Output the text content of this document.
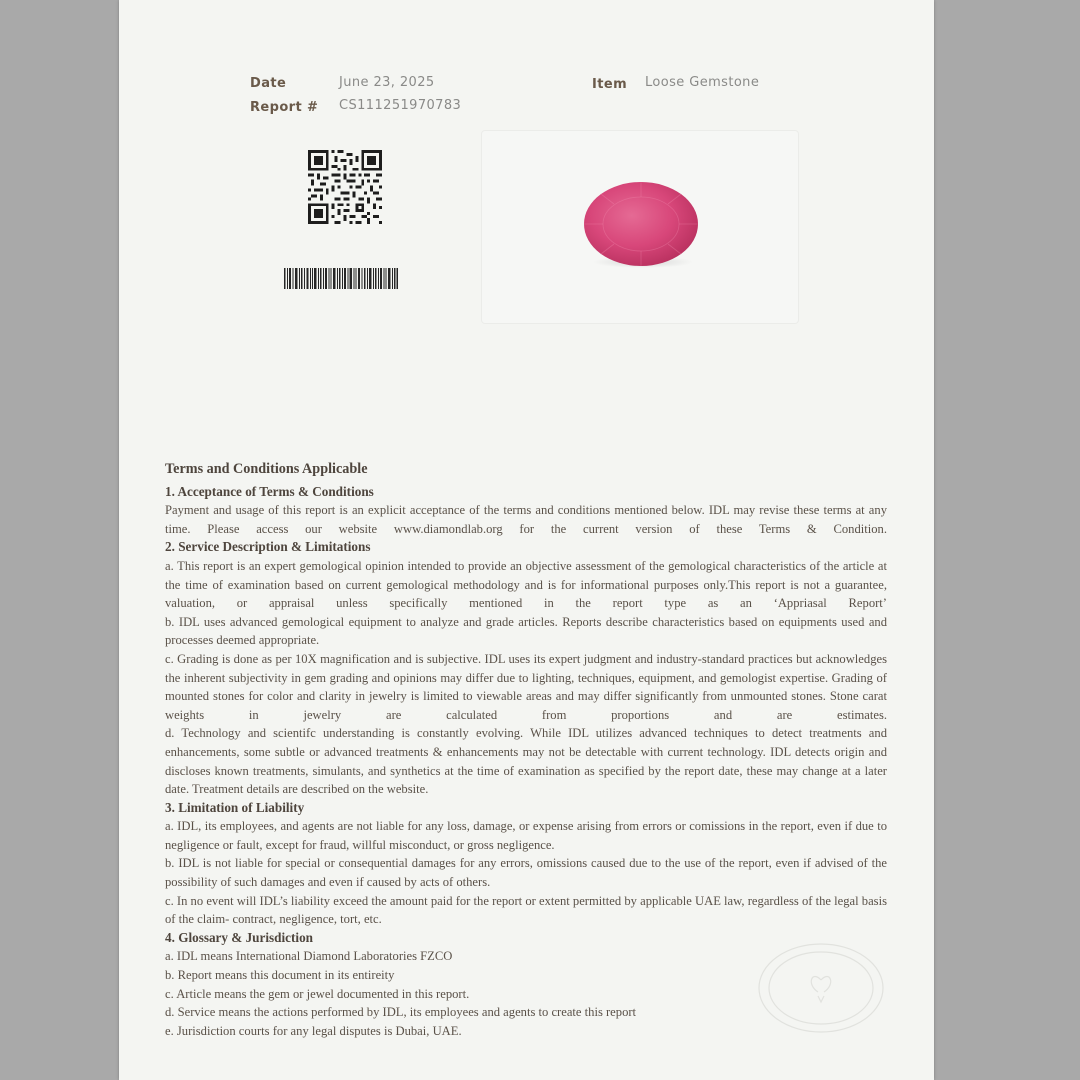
Date	June 23, 2025
Report # CS111251970783
Item Loose Gemstone
Terms and Conditions Applicable
1. Acceptance of Terms & Conditions

Payment and usage of this report is an explicit acceptance of the terms and conditions mentioned below. IDL may revise these terms at any time. Please access our website www.diamondlab.org for the current version of these Terms & Condition.

2. Service Description & Limitations

a. This report is an expert gemological opinion intended to provide an objective assessment of the gemological characteristics of the article at the time of examination based on current gemological methodology and is for informational purposes only.This report is not a guarantee, valuation, or appraisal unless specifically mentioned in the report type as an ‘Appriasal Report’

b. IDL uses advanced gemological equipment to analyze and grade articles. Reports describe characteristics based on equipments used and processes deemed appropriate.

c. Grading is done as per 10X magnification and is subjective. IDL uses its expert judgment and industry-standard practices but acknowledges the inherent subjectivity in gem grading and opinions may differ due to lighting, techniques, equipment, and gemologist expertise. Grading of mounted stones for color and clarity in jewelry is limited to viewable areas and may differ significantly from unmounted stones. Stone carat weights in jewelry are calculated from proportions and are estimates.

d. Technology and scientifc understanding is constantly evolving. While IDL utilizes advanced techniques to detect treatments and enhancements, some subtle or advanced treatments & enhancements may not be detectable with current technology. IDL detects origin and discloses known treatments, simulants, and synthetics at the time of examination as specified by the report date, these may change at a later date. Treatment details are described on the website.

3. Limitation of Liability

a. IDL, its employees, and agents are not liable for any loss, damage, or expense arising from errors or comissions in the report, even if due to negligence or fault, except for fraud, willful misconduct, or gross negligence.

b. IDL is not liable for special or consequential damages for any errors, omissions caused due to the use of the report, even if advised of the possibility of such damages and even if caused by acts of others.

c. In no event will IDL’s liability exceed the amount paid for the report or extent permitted by applicable UAE law, regardless of the legal basis of the claim- contract, negligence, tort, etc.

4. Glossary & Jurisdiction

a. IDL means International Diamond Laboratories FZCO

b. Report means this document in its entireity

c. Article means the gem or jewel documented in this report.

d. Service means the actions performed by IDL, its employees and agents to create this report

e. Jurisdiction courts for any legal disputes is Dubai, UAE.
